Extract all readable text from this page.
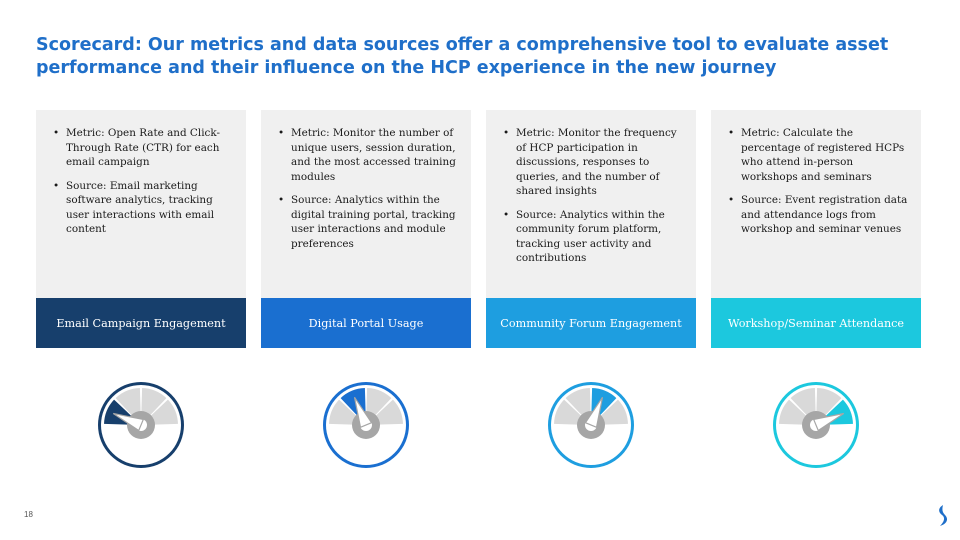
Scorecard: Our metrics and data sources offer a comprehensive tool to evaluate asset performance and their influence on the HCP experience in the new journey
• Metric: Open Rate and Click-Through Rate (CTR) for each email campaign
• Source: Email marketing software analytics, tracking user interactions with email content
Email Campaign Engagement
• Metric: Monitor the number of unique users, session duration, and the most accessed training modules
• Source: Analytics within the digital training portal, tracking user interactions and module preferences
Digital Portal Usage
• Metric: Monitor the frequency of HCP participation in discussions, responses to queries, and the number of shared insights
• Source: Analytics within the community forum platform, tracking user activity and contributions
Community Forum Engagement
• Metric: Calculate the percentage of registered HCPs who attend in-person workshops and seminars
• Source: Event registration data and attendance logs from workshop and seminar venues
Workshop/Seminar Attendance
18
